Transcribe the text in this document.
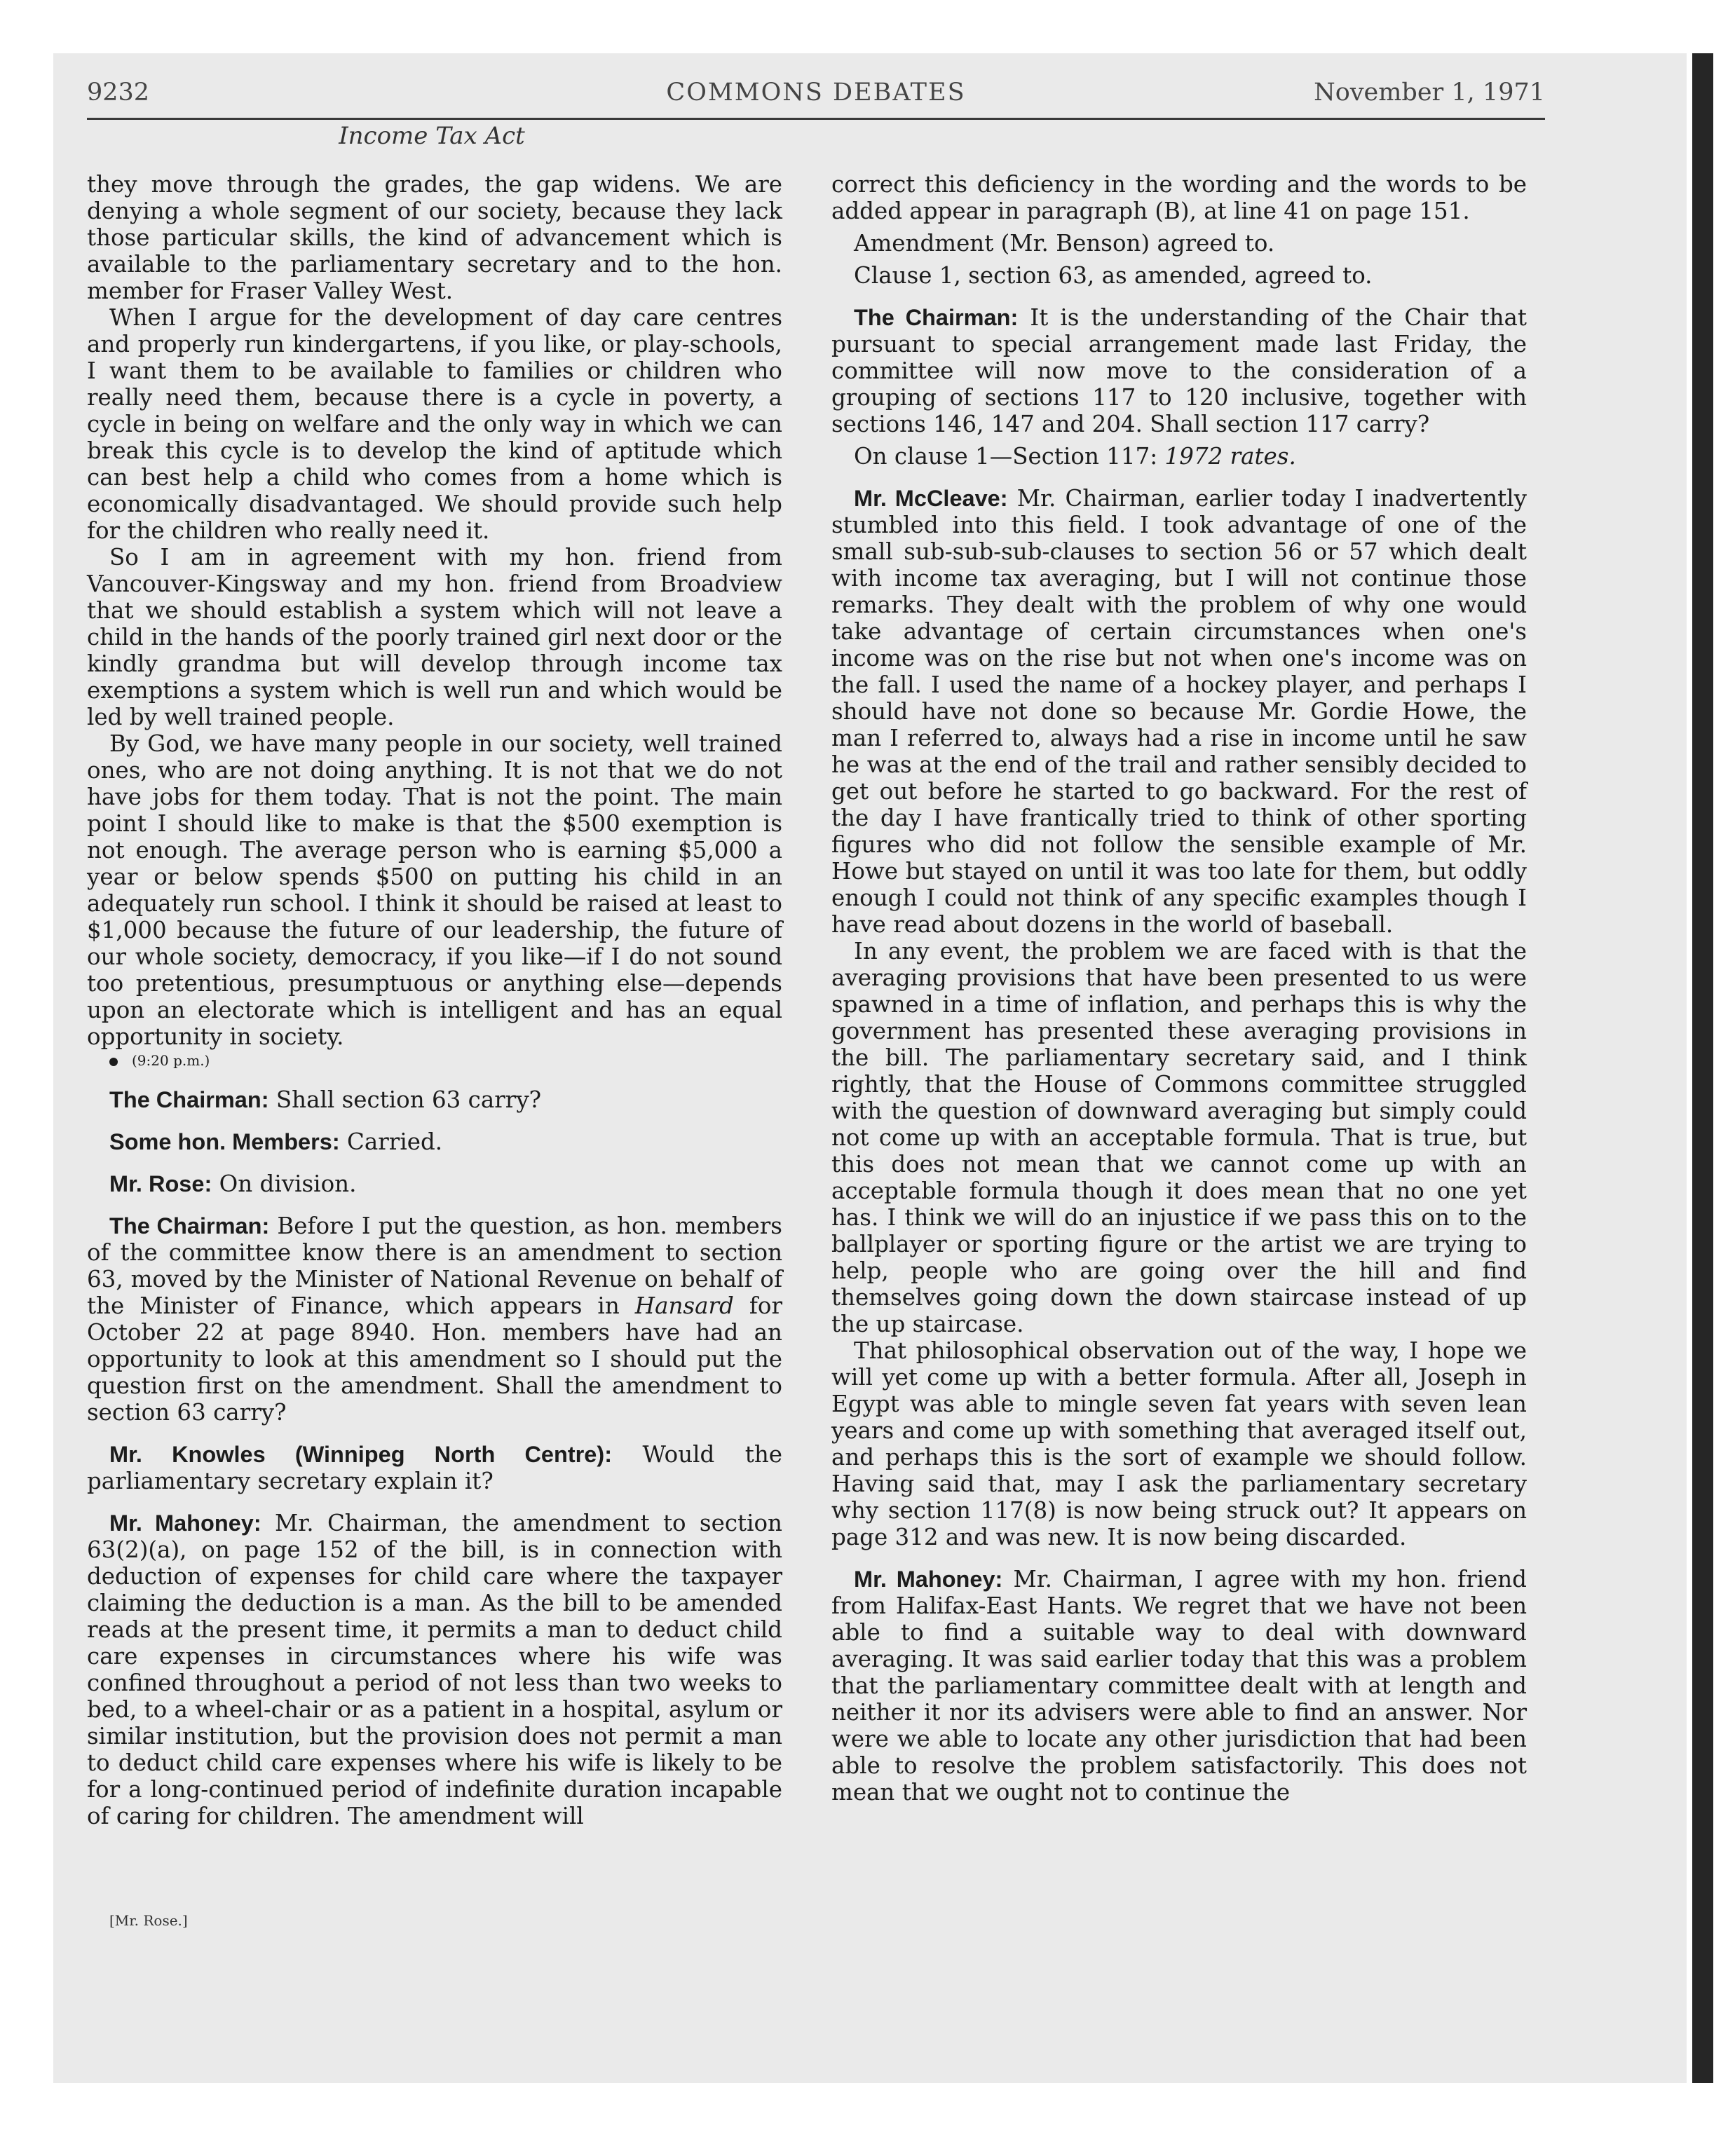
9232	COMMONS DEBATES	November 1, 1971
Income Tax Act

they move through the grades, the gap widens. We are denying a whole segment of our society, because they lack those particular skills, the kind of advancement which is available to the parliamentary secretary and to the hon. member for Fraser Valley West.

When I argue for the development of day care centres and properly run kindergartens, if you like, or play-schools, I want them to be available to families or children who really need them, because there is a cycle in poverty, a cycle in being on welfare and the only way in which we can break this cycle is to develop the kind of aptitude which can best help a child who comes from a home which is economically disadvantaged. We should provide such help for the children who really need it.

So I am in agreement with my hon. friend from Vancouver-Kingsway and my hon. friend from Broadview that we should establish a system which will not leave a child in the hands of the poorly trained girl next door or the kindly grandma but will develop through income tax exemptions a system which is well run and which would be led by well trained people.

By God, we have many people in our society, well trained ones, who are not doing anything. It is not that we do not have jobs for them today. That is not the point. The main point I should like to make is that the $500 exemption is not enough. The average person who is earning $5,000 a year or below spends $500 on putting his child in an adequately run school. I think it should be raised at least to $1,000 because the future of our leadership, the future of our whole society, democracy, if you like—if I do not sound too pretentious, presumptuous or anything else—depends upon an electorate which is intelligent and has an equal opportunity in society.

(9:20 p.m.)

The Chairman: Shall section 63 carry?

Some hon. Members: Carried.

Mr. Rose: On division.

The Chairman: Before I put the question, as hon. members of the committee know there is an amendment to section 63, moved by the Minister of National Revenue on behalf of the Minister of Finance, which appears in Hansard for October 22 at page 8940. Hon. members have had an opportunity to look at this amendment so I should put the question first on the amendment. Shall the amendment to section 63 carry?

Mr. Knowles (Winnipeg North Centre): Would the parliamentary secretary explain it?

Mr. Mahoney: Mr. Chairman, the amendment to section 63(2)(a), on page 152 of the bill, is in connection with deduction of expenses for child care where the taxpayer claiming the deduction is a man. As the bill to be amended reads at the present time, it permits a man to deduct child care expenses in circumstances where his wife was confined throughout a period of not less than two weeks to bed, to a wheel-chair or as a patient in a hospital, asylum or similar institution, but the provision does not permit a man to deduct child care expenses where his wife is likely to be for a long-continued period of indefinite duration incapable of caring for children. The amendment will

[Mr. Rose.]

correct this deficiency in the wording and the words to be added appear in paragraph (B), at line 41 on page 151.

Amendment (Mr. Benson) agreed to.

Clause 1, section 63, as amended, agreed to.

The Chairman: It is the understanding of the Chair that pursuant to special arrangement made last Friday, the committee will now move to the consideration of a grouping of sections 117 to 120 inclusive, together with sections 146, 147 and 204. Shall section 117 carry?

On clause 1—Section 117: 1972 rates.

Mr. McCleave: Mr. Chairman, earlier today I inadvertently stumbled into this field. I took advantage of one of the small sub-sub-sub-clauses to section 56 or 57 which dealt with income tax averaging, but I will not continue those remarks. They dealt with the problem of why one would take advantage of certain circumstances when one's income was on the rise but not when one's income was on the fall. I used the name of a hockey player, and perhaps I should have not done so because Mr. Gordie Howe, the man I referred to, always had a rise in income until he saw he was at the end of the trail and rather sensibly decided to get out before he started to go backward. For the rest of the day I have frantically tried to think of other sporting figures who did not follow the sensible example of Mr. Howe but stayed on until it was too late for them, but oddly enough I could not think of any specific examples though I have read about dozens in the world of baseball.

In any event, the problem we are faced with is that the averaging provisions that have been presented to us were spawned in a time of inflation, and perhaps this is why the government has presented these averaging provisions in the bill. The parliamentary secretary said, and I think rightly, that the House of Commons committee struggled with the question of downward averaging but simply could not come up with an acceptable formula. That is true, but this does not mean that we cannot come up with an acceptable formula though it does mean that no one yet has. I think we will do an injustice if we pass this on to the ballplayer or sporting figure or the artist we are trying to help, people who are going over the hill and find themselves going down the down staircase instead of up the up staircase.

That philosophical observation out of the way, I hope we will yet come up with a better formula. After all, Joseph in Egypt was able to mingle seven fat years with seven lean years and come up with something that averaged itself out, and perhaps this is the sort of example we should follow. Having said that, may I ask the parliamentary secretary why section 117(8) is now being struck out? It appears on page 312 and was new. It is now being discarded.

Mr. Mahoney: Mr. Chairman, I agree with my hon. friend from Halifax-East Hants. We regret that we have not been able to find a suitable way to deal with downward averaging. It was said earlier today that this was a problem that the parliamentary committee dealt with at length and neither it nor its advisers were able to find an answer. Nor were we able to locate any other jurisdiction that had been able to resolve the problem satisfactorily. This does not mean that we ought not to continue the
